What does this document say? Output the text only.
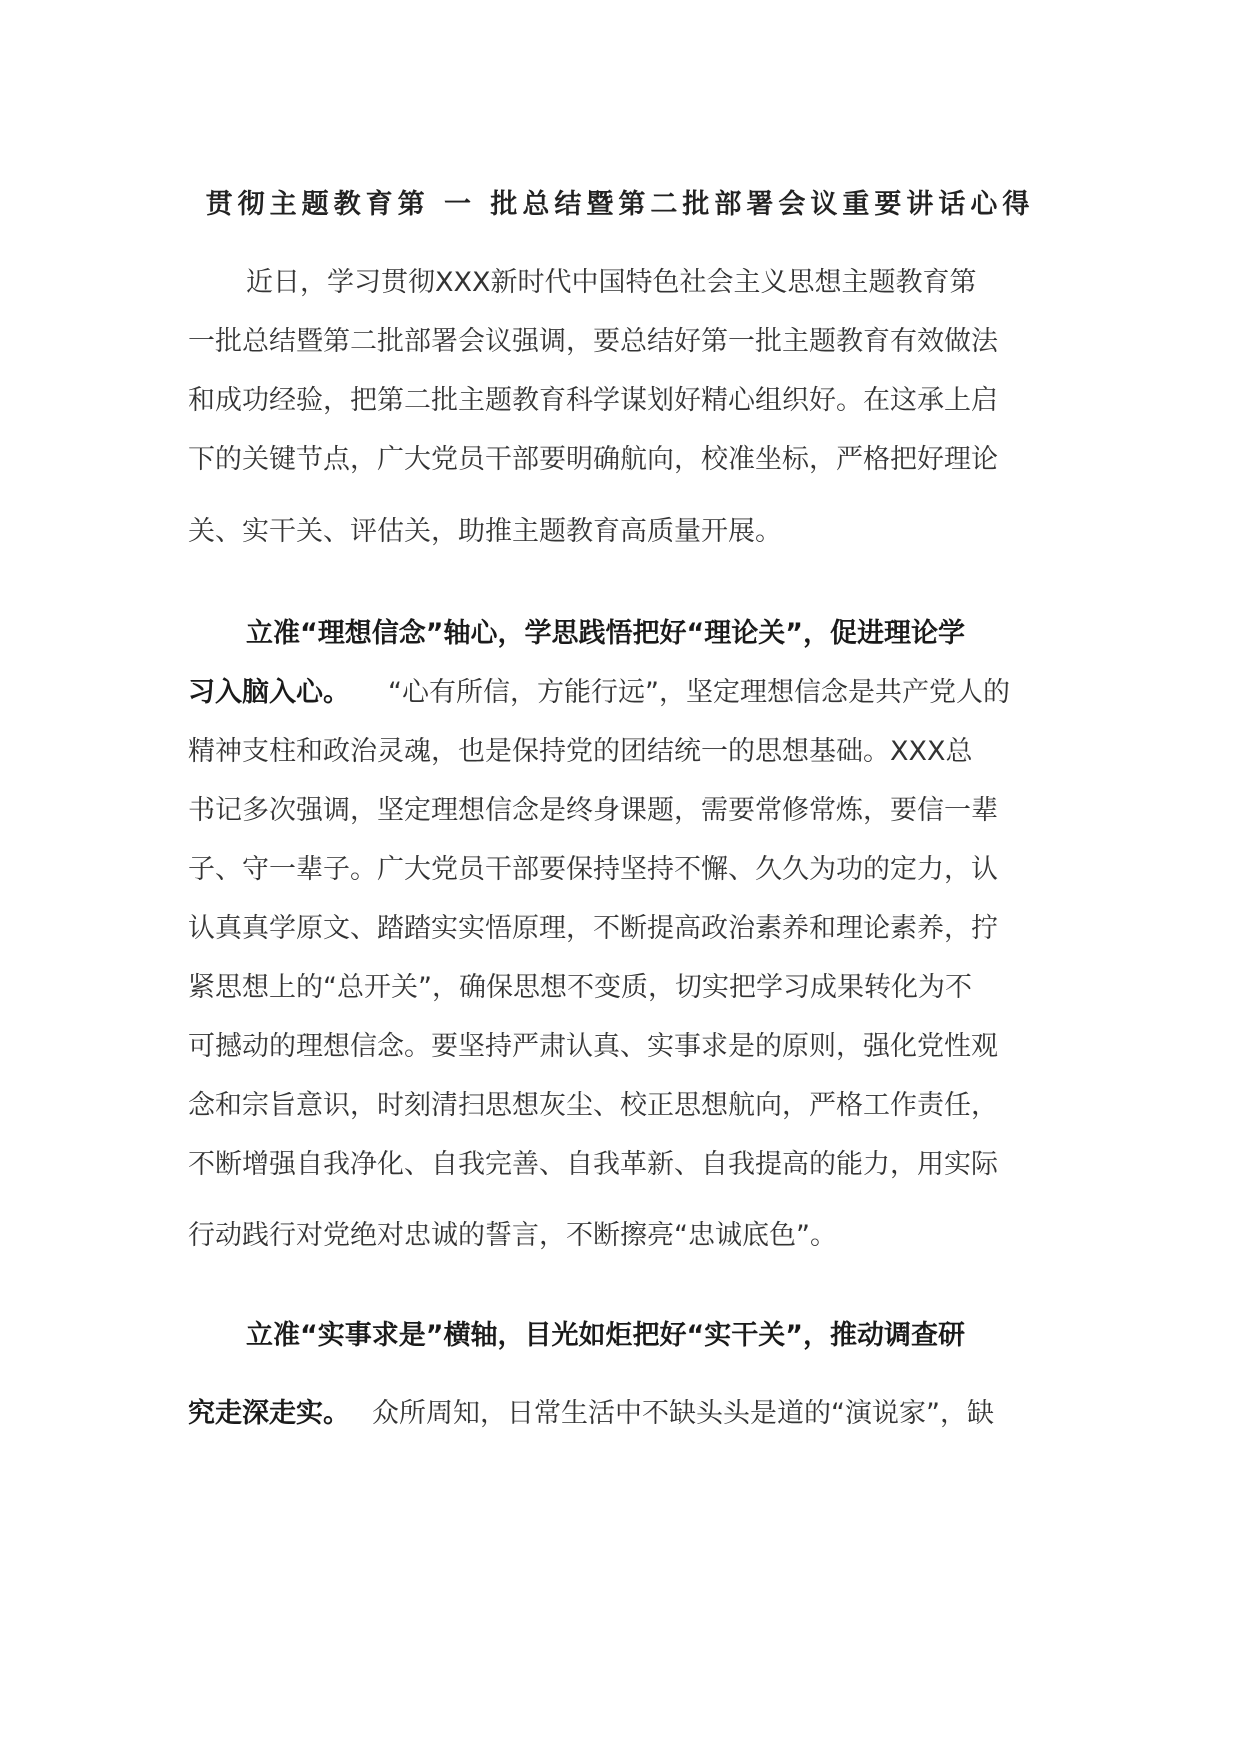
贯彻主题教育第 一 批总结暨第二批部署会议重要讲话心得
近日，学习贯彻XXX新时代中国特色社会主义思想主题教育第
一批总结暨第二批部署会议强调，要总结好第一批主题教育有效做法
和成功经验，把第二批主题教育科学谋划好精心组织好。在这承上启
下的关键节点，广大党员干部要明确航向，校准坐标，严格把好理论
关、实干关、评估关，助推主题教育高质量开展。
立准“理想信念”轴心，学思践悟把好“理论关”，促进理论学
习入脑入心。 “心有所信，方能行远”，坚定理想信念是共产党人的
精神支柱和政治灵魂，也是保持党的团结统一的思想基础。XXX总
书记多次强调，坚定理想信念是终身课题，需要常修常炼，要信一辈
子、守一辈子。广大党员干部要保持坚持不懈、久久为功的定力，认
认真真学原文、踏踏实实悟原理，不断提高政治素养和理论素养，拧
紧思想上的“总开关”，确保思想不变质，切实把学习成果转化为不
可撼动的理想信念。要坚持严肃认真、实事求是的原则，强化党性观
念和宗旨意识，时刻清扫思想灰尘、校正思想航向，严格工作责任，
不断增强自我净化、自我完善、自我革新、自我提高的能力，用实际
行动践行对党绝对忠诚的誓言，不断擦亮“忠诚底色”。
立准“实事求是”横轴，目光如炬把好“实干关”，推动调查研
究走深走实。 众所周知，日常生活中不缺头头是道的“演说家”，缺
